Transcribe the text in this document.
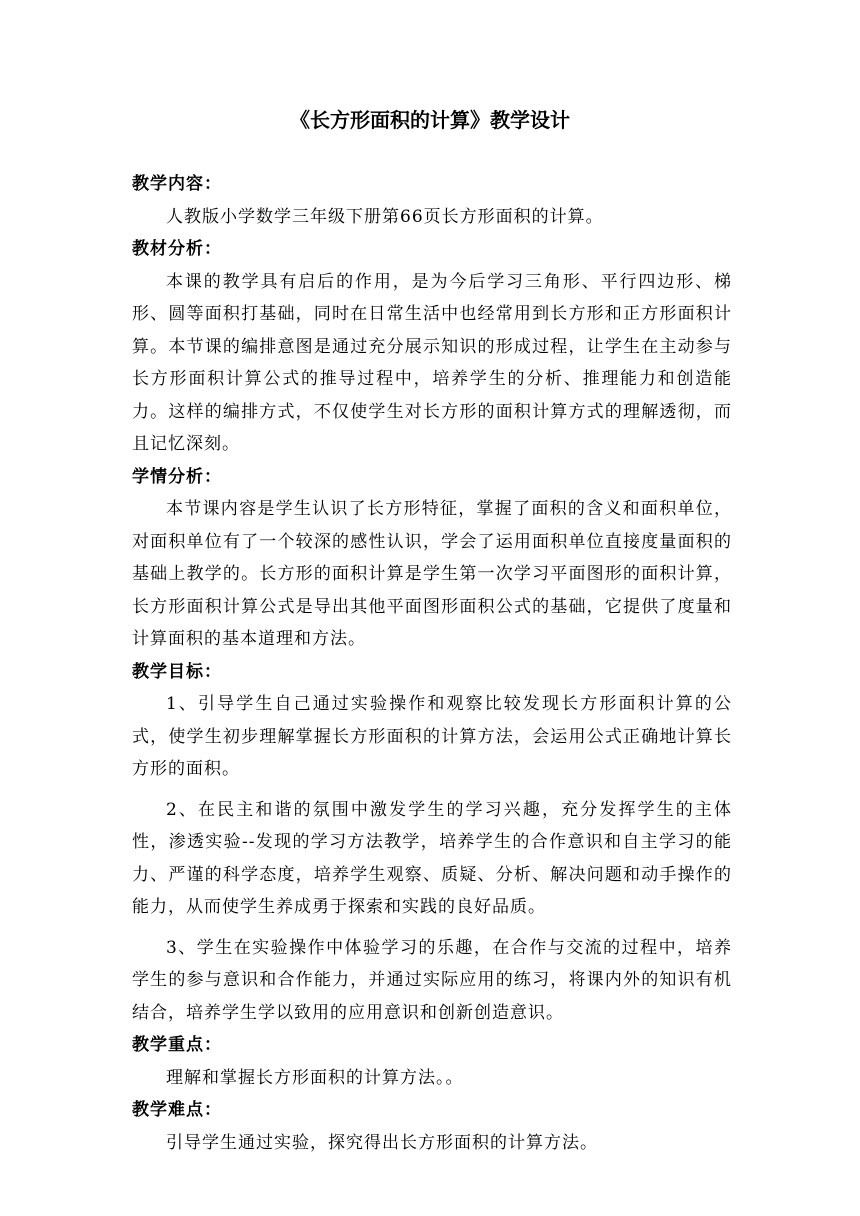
《长方形面积的计算》教学设计

教学内容：

人教版小学数学三年级下册第66页长方形面积的计算。

教材分析：

本课的教学具有启后的作用，是为今后学习三角形、平行四边形、梯形、圆等面积打基础，同时在日常生活中也经常用到长方形和正方形面积计算。本节课的编排意图是通过充分展示知识的形成过程，让学生在主动参与长方形面积计算公式的推导过程中，培养学生的分析、推理能力和创造能力。这样的编排方式，不仅使学生对长方形的面积计算方式的理解透彻，而且记忆深刻。

学情分析：

本节课内容是学生认识了长方形特征，掌握了面积的含义和面积单位，对面积单位有了一个较深的感性认识，学会了运用面积单位直接度量面积的基础上教学的。长方形的面积计算是学生第一次学习平面图形的面积计算，长方形面积计算公式是导出其他平面图形面积公式的基础，它提供了度量和计算面积的基本道理和方法。

教学目标：

1、引导学生自己通过实验操作和观察比较发现长方形面积计算的公式，使学生初步理解掌握长方形面积的计算方法，会运用公式正确地计算长方形的面积。

2、在民主和谐的氛围中激发学生的学习兴趣，充分发挥学生的主体性，渗透实验--发现的学习方法教学，培养学生的合作意识和自主学习的能力、严谨的科学态度，培养学生观察、质疑、分析、解决问题和动手操作的能力，从而使学生养成勇于探索和实践的良好品质。

3、学生在实验操作中体验学习的乐趣，在合作与交流的过程中，培养学生的参与意识和合作能力，并通过实际应用的练习，将课内外的知识有机结合，培养学生学以致用的应用意识和创新创造意识。

教学重点：

理解和掌握长方形面积的计算方法。。

教学难点：

引导学生通过实验，探究得出长方形面积的计算方法。
